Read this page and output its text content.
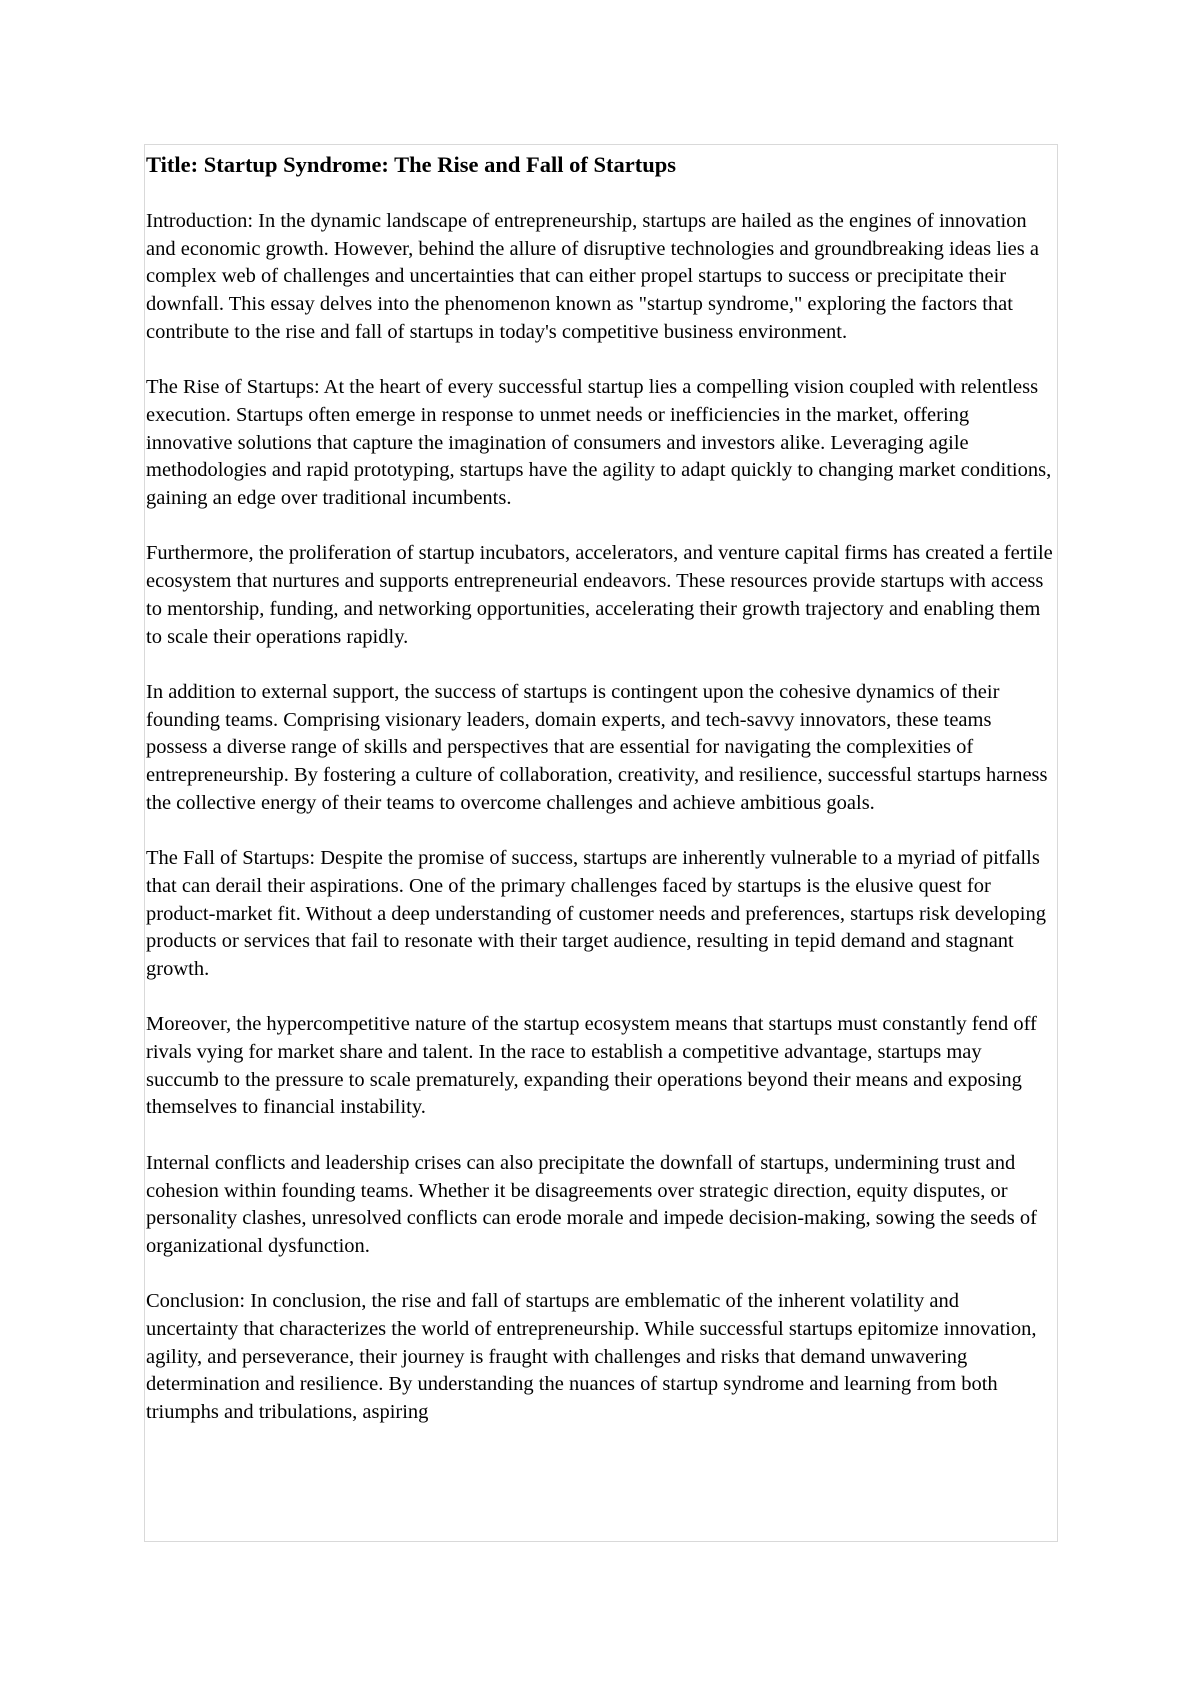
Title: Startup Syndrome: The Rise and Fall of Startups

Introduction: In the dynamic landscape of entrepreneurship, startups are hailed as the engines of innovation and economic growth. However, behind the allure of disruptive technologies and groundbreaking ideas lies a complex web of challenges and uncertainties that can either propel startups to success or precipitate their downfall. This essay delves into the phenomenon known as "startup syndrome," exploring the factors that contribute to the rise and fall of startups in today's competitive business environment.

The Rise of Startups: At the heart of every successful startup lies a compelling vision coupled with relentless execution. Startups often emerge in response to unmet needs or inefficiencies in the market, offering innovative solutions that capture the imagination of consumers and investors alike. Leveraging agile methodologies and rapid prototyping, startups have the agility to adapt quickly to changing market conditions, gaining an edge over traditional incumbents.

Furthermore, the proliferation of startup incubators, accelerators, and venture capital firms has created a fertile ecosystem that nurtures and supports entrepreneurial endeavors. These resources provide startups with access to mentorship, funding, and networking opportunities, accelerating their growth trajectory and enabling them to scale their operations rapidly.

In addition to external support, the success of startups is contingent upon the cohesive dynamics of their founding teams. Comprising visionary leaders, domain experts, and tech-savvy innovators, these teams possess a diverse range of skills and perspectives that are essential for navigating the complexities of entrepreneurship. By fostering a culture of collaboration, creativity, and resilience, successful startups harness the collective energy of their teams to overcome challenges and achieve ambitious goals.

The Fall of Startups: Despite the promise of success, startups are inherently vulnerable to a myriad of pitfalls that can derail their aspirations. One of the primary challenges faced by startups is the elusive quest for product-market fit. Without a deep understanding of customer needs and preferences, startups risk developing products or services that fail to resonate with their target audience, resulting in tepid demand and stagnant growth.

Moreover, the hypercompetitive nature of the startup ecosystem means that startups must constantly fend off rivals vying for market share and talent. In the race to establish a competitive advantage, startups may succumb to the pressure to scale prematurely, expanding their operations beyond their means and exposing themselves to financial instability.

Internal conflicts and leadership crises can also precipitate the downfall of startups, undermining trust and cohesion within founding teams. Whether it be disagreements over strategic direction, equity disputes, or personality clashes, unresolved conflicts can erode morale and impede decision-making, sowing the seeds of organizational dysfunction.

Conclusion: In conclusion, the rise and fall of startups are emblematic of the inherent volatility and uncertainty that characterizes the world of entrepreneurship. While successful startups epitomize innovation, agility, and perseverance, their journey is fraught with challenges and risks that demand unwavering determination and resilience. By understanding the nuances of startup syndrome and learning from both triumphs and tribulations, aspiring
